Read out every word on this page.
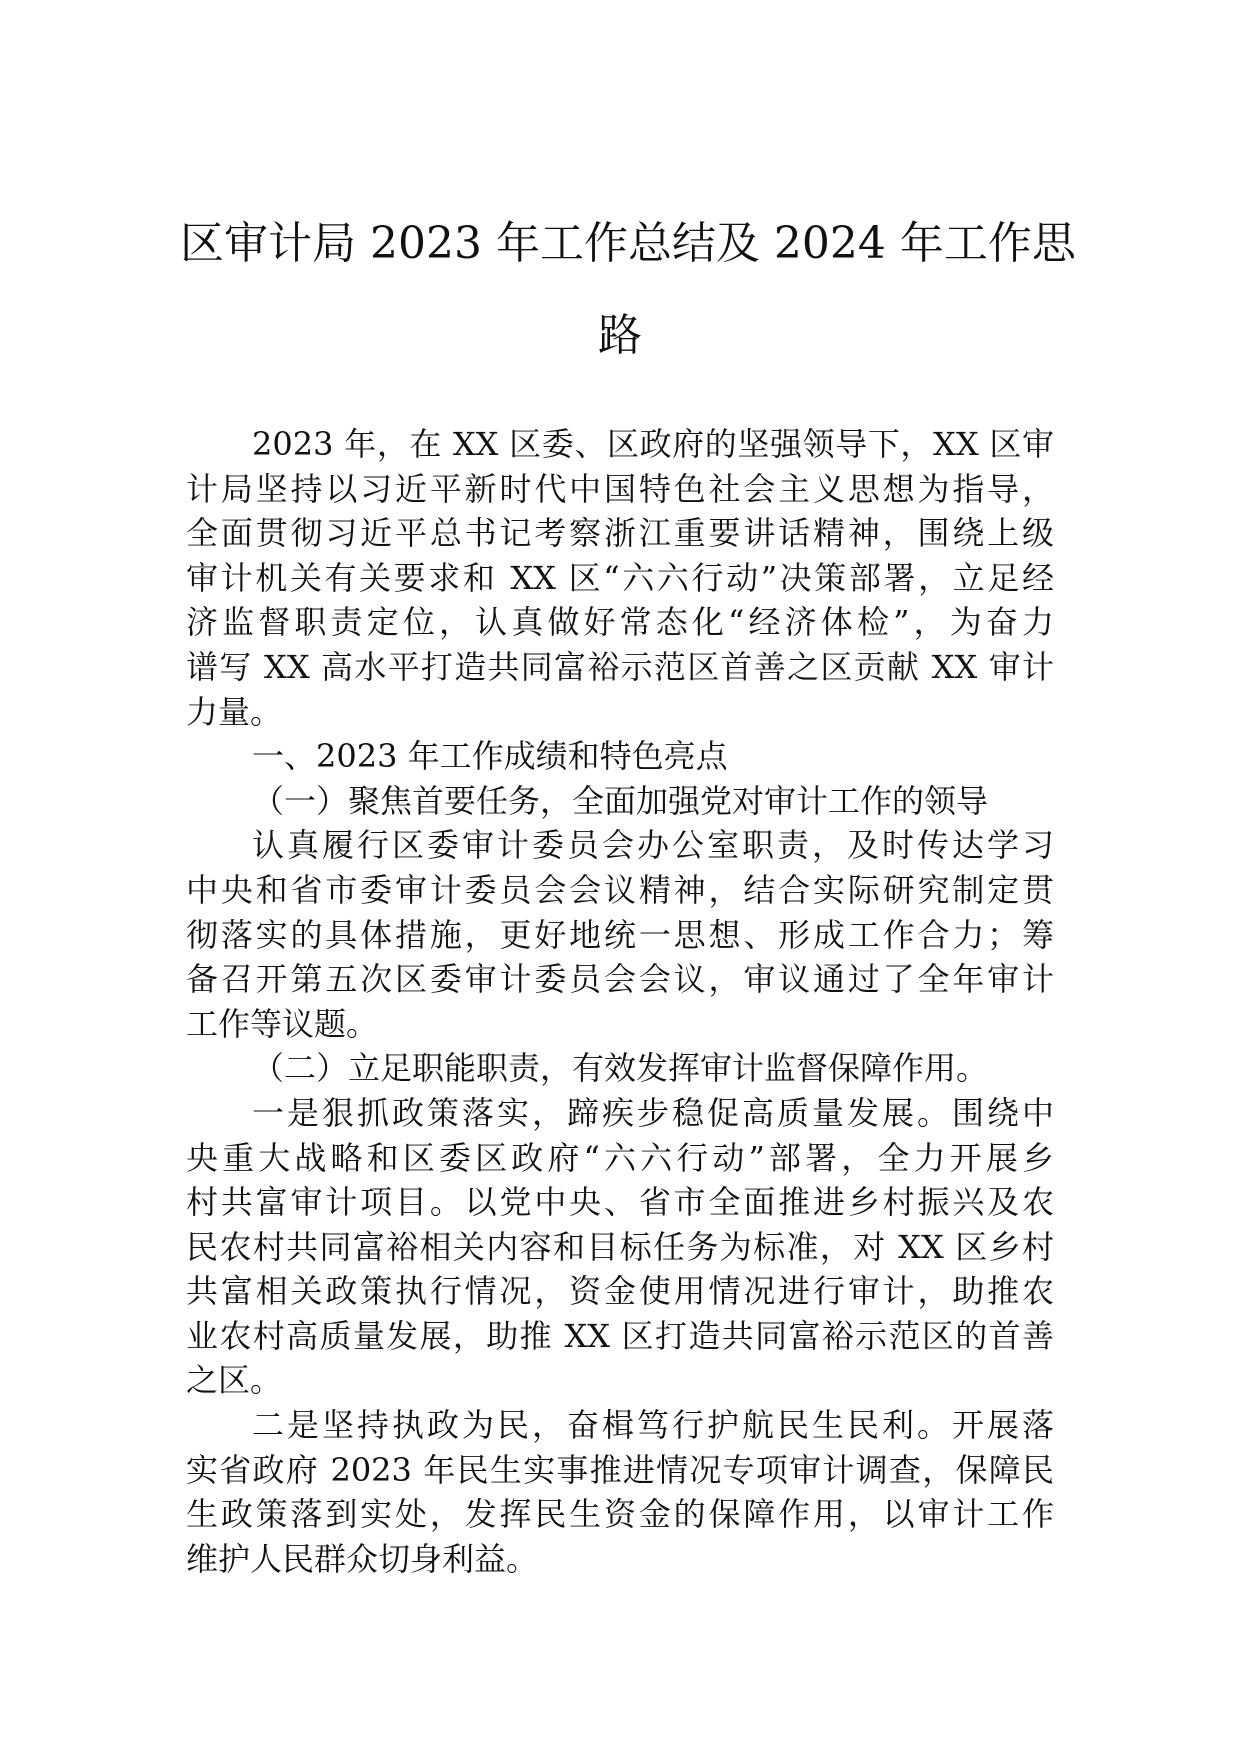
区审计局 2023 年工作总结及 2024 年工作思
路
2023 年，在 XX 区委、区政府的坚强领导下，XX 区审
计局坚持以习近平新时代中国特色社会主义思想为指导，
全面贯彻习近平总书记考察浙江重要讲话精神，围绕上级
审计机关有关要求和 XX 区“六六行动”决策部署，立足经
济监督职责定位，认真做好常态化“经济体检”，为奋力
谱写 XX 高水平打造共同富裕示范区首善之区贡献 XX 审计
力量。
一、2023 年工作成绩和特色亮点
（一）聚焦首要任务，全面加强党对审计工作的领导
认真履行区委审计委员会办公室职责，及时传达学习
中央和省市委审计委员会会议精神，结合实际研究制定贯
彻落实的具体措施，更好地统一思想、形成工作合力；筹
备召开第五次区委审计委员会会议，审议通过了全年审计
工作等议题。
（二）立足职能职责，有效发挥审计监督保障作用。
一是狠抓政策落实，蹄疾步稳促高质量发展。围绕中
央重大战略和区委区政府“六六行动”部署，全力开展乡
村共富审计项目。以党中央、省市全面推进乡村振兴及农
民农村共同富裕相关内容和目标任务为标准，对 XX 区乡村
共富相关政策执行情况，资金使用情况进行审计，助推农
业农村高质量发展，助推 XX 区打造共同富裕示范区的首善
之区。
二是坚持执政为民，奋楫笃行护航民生民利。开展落
实省政府 2023 年民生实事推进情况专项审计调查，保障民
生政策落到实处，发挥民生资金的保障作用，以审计工作
维护人民群众切身利益。
